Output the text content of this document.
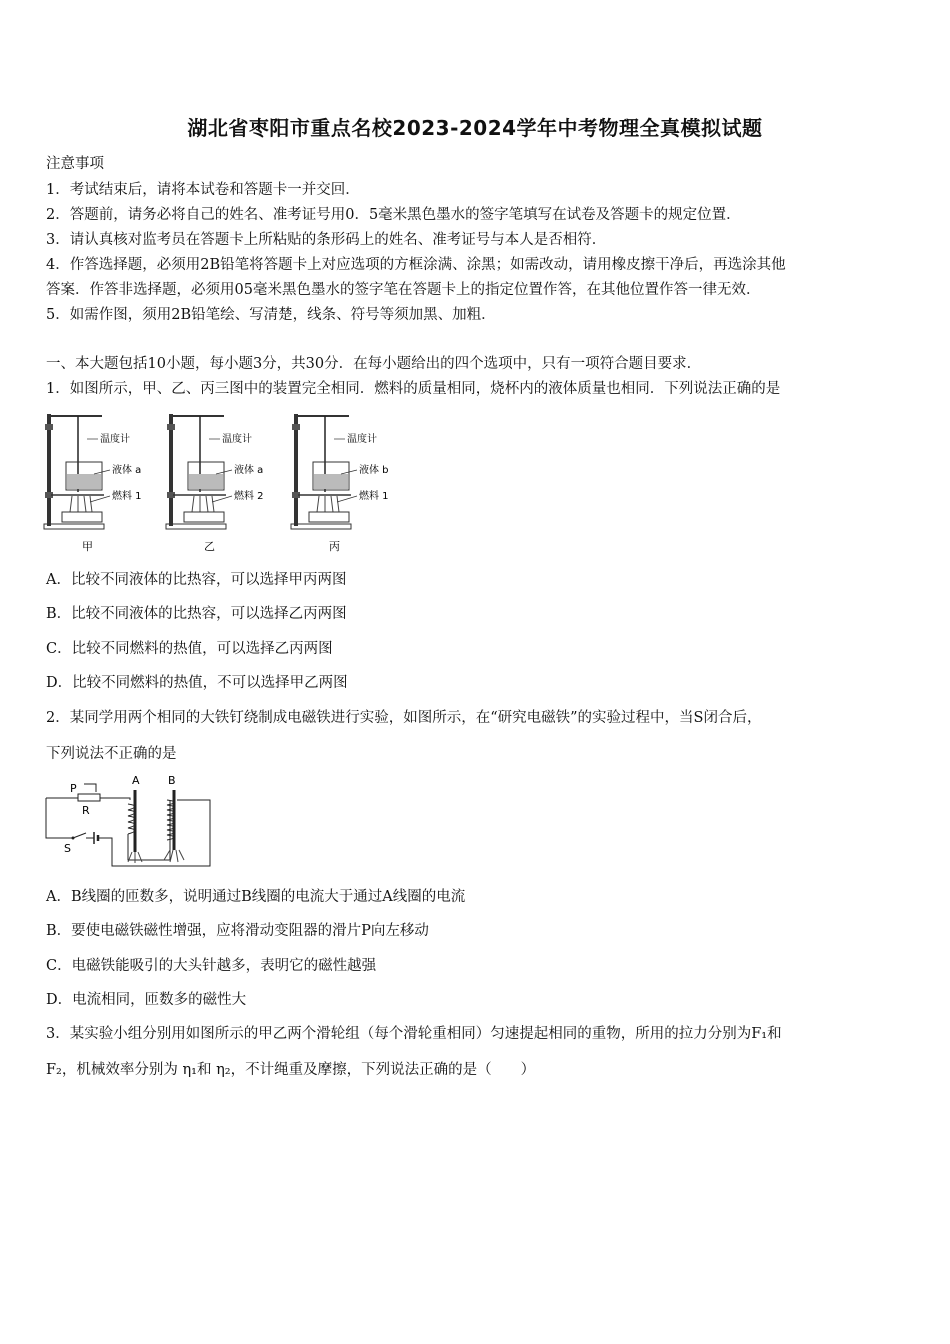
湖北省枣阳市重点名校2023-2024学年中考物理全真模拟试题
注意事项
1．考试结束后，请将本试卷和答题卡一并交回．
2．答题前，请务必将自己的姓名、准考证号用0．5毫米黑色墨水的签字笔填写在试卷及答题卡的规定位置．
3．请认真核对监考员在答题卡上所粘贴的条形码上的姓名、准考证号与本人是否相符．
4．作答选择题，必须用2B铅笔将答题卡上对应选项的方框涂满、涂黑；如需改动，请用橡皮擦干净后，再选涂其他
答案．作答非选择题，必须用05毫米黑色墨水的签字笔在答题卡上的指定位置作答，在其他位置作答一律无效．
5．如需作图，须用2B铅笔绘、写清楚，线条、符号等须加黑、加粗．
一、本大题包括10小题，每小题3分，共30分．在每小题给出的四个选项中，只有一项符合题目要求．
1．如图所示，甲、乙、丙三图中的装置完全相同．燃料的质量相同，烧杯内的液体质量也相同．下列说法正确的是
温度计
液体 a
燃料 1
甲
温度计
液体 a
燃料 2
乙
温度计
液体 b
燃料 1
丙
A．比较不同液体的比热容，可以选择甲丙两图
B．比较不同液体的比热容，可以选择乙丙两图
C．比较不同燃料的热值，可以选择乙丙两图
D．比较不同燃料的热值，不可以选择甲乙两图
2．某同学用两个相同的大铁钉绕制成电磁铁进行实验，如图所示，在“研究电磁铁”的实验过程中，当S闭合后，
下列说法不正确的是
P
R
S
A	B
A．B线圈的匝数多，说明通过B线圈的电流大于通过A线圈的电流
B．要使电磁铁磁性增强，应将滑动变阻器的滑片P向左移动
C．电磁铁能吸引的大头针越多，表明它的磁性越强
D．电流相同，匝数多的磁性大
3．某实验小组分别用如图所示的甲乙两个滑轮组（每个滑轮重相同）匀速提起相同的重物，所用的拉力分别为F₁和
F₂，机械效率分别为 η₁和 η₂，不计绳重及摩擦，下列说法正确的是（　　）
